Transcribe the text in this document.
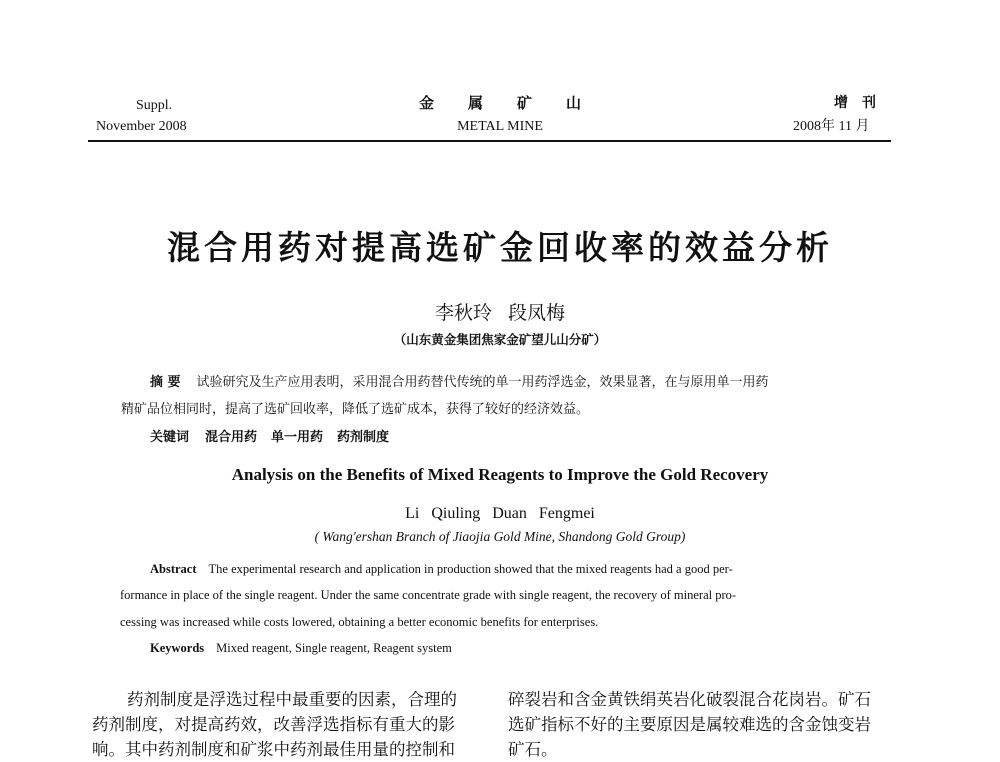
Suppl.
November 2008
金属矿山
METAL MINE
增刊
2008年 11 月
混合用药对提高选矿金回收率的效益分析
李秋玲 段凤梅
（山东黄金集团焦家金矿望儿山分矿）
摘 要 试验研究及生产应用表明，采用混合用药替代传统的单一用药浮选金，效果显著，在与原用单一用药
精矿品位相同时，提高了选矿回收率，降低了选矿成本，获得了较好的经济效益。
关键词 混合用药 单一用药 药剂制度
Analysis on the Benefits of Mixed Reagents to Improve the Gold Recovery
Li Qiuling Duan Fengmei
( Wang'ershan Branch of Jiaojia Gold Mine, Shandong Gold Group)
Abstract The experimental research and application in production showed that the mixed reagents had a good per-
formance in place of the single reagent. Under the same concentrate grade with single reagent, the recovery of mineral pro-
cessing was increased while costs lowered, obtaining a better economic benefits for enterprises.
Keywords Mixed reagent, Single reagent, Reagent system
药剂制度是浮选过程中最重要的因素，合理的
药剂制度，对提高药效，改善浮选指标有重大的影
响。其中药剂制度和矿浆中药剂最佳用量的控制和
碎裂岩和含金黄铁绢英岩化破裂混合花岗岩。矿石
选矿指标不好的主要原因是属较难选的含金蚀变岩
矿石。
